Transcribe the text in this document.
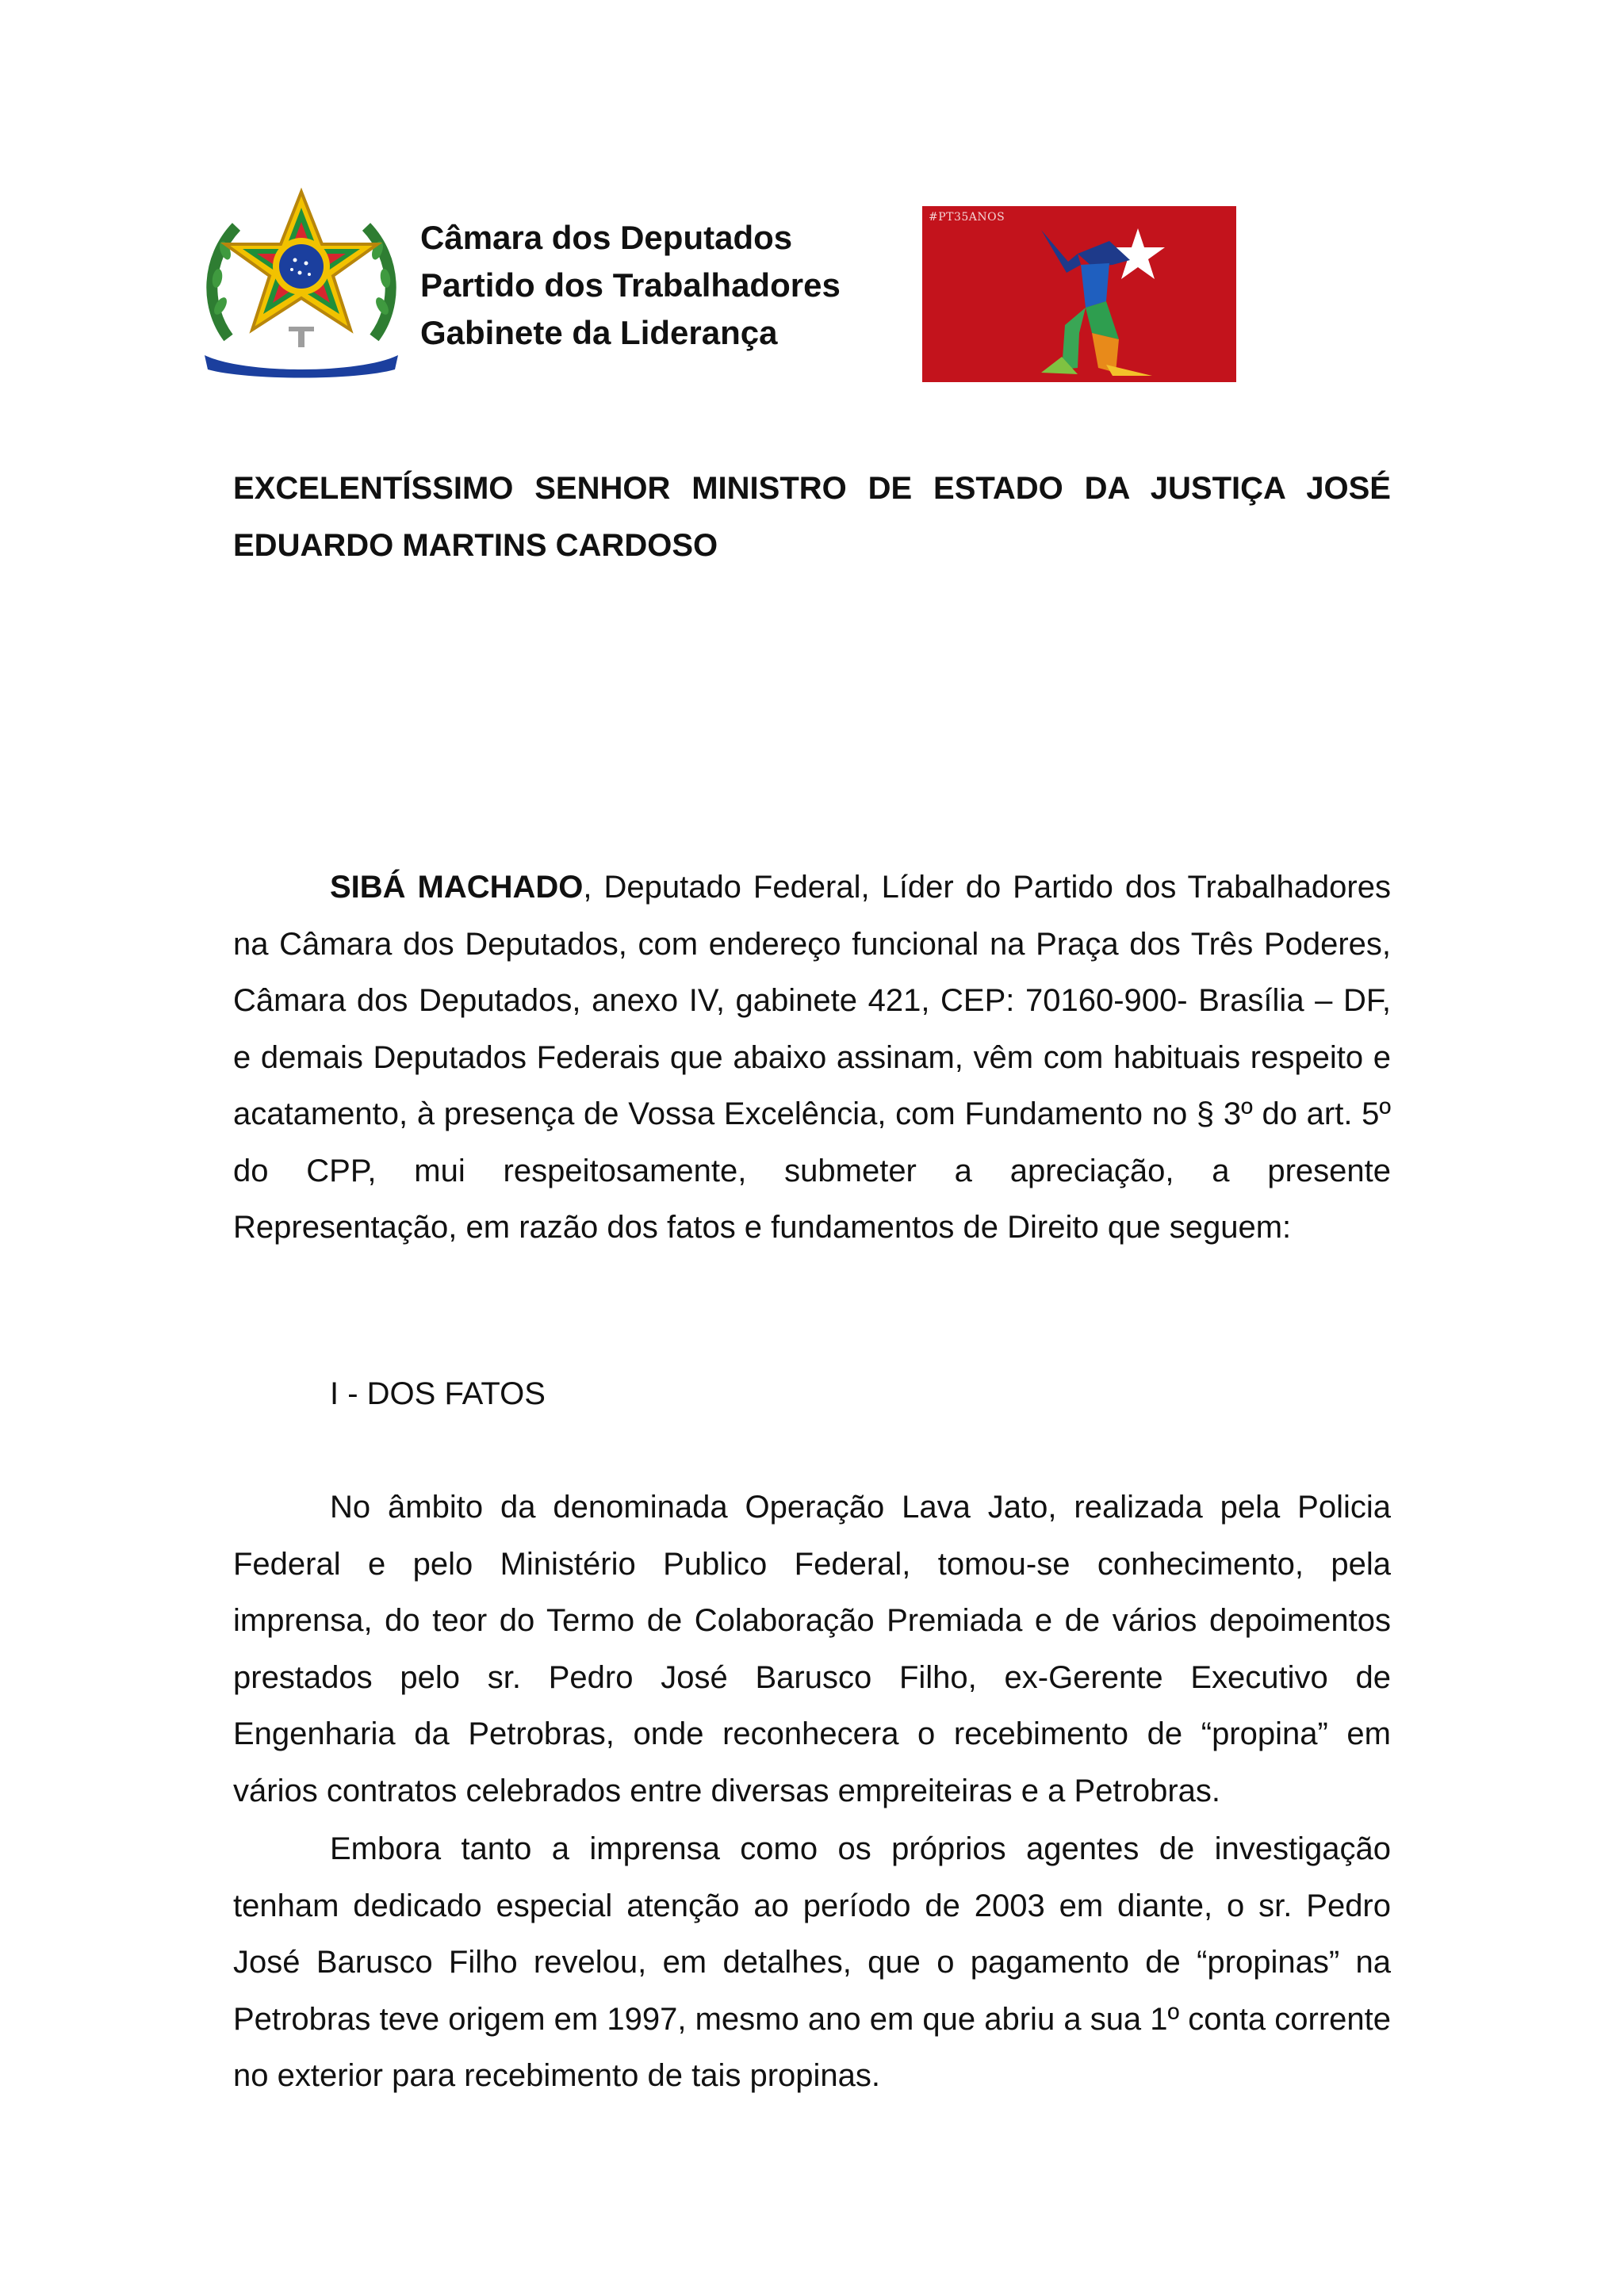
Câmara dos Deputados
Partido dos Trabalhadores
Gabinete da Liderança
#PT35ANOS
EXCELENTÍSSIMO SENHOR MINISTRO DE ESTADO DA JUSTIÇA JOSÉ EDUARDO MARTINS CARDOSO
SIBÁ MACHADO, Deputado Federal, Líder do Partido dos Trabalhadores na Câmara dos Deputados, com endereço funcional na Praça dos Três Poderes, Câmara dos Deputados, anexo IV, gabinete 421, CEP: 70160-900- Brasília – DF, e demais Deputados Federais que abaixo assinam, vêm com habituais respeito e acatamento, à presença de Vossa Excelência, com Fundamento no § 3º do art. 5º do CPP, mui respeitosamente, submeter a apreciação, a presente Representação, em razão dos fatos e fundamentos de Direito que seguem:
I - DOS FATOS
No âmbito da denominada Operação Lava Jato, realizada pela Policia Federal e pelo Ministério Publico Federal, tomou-se conhecimento, pela imprensa, do teor do Termo de Colaboração Premiada e de vários depoimentos prestados pelo sr. Pedro José Barusco Filho, ex-Gerente Executivo de Engenharia da Petrobras, onde reconhecera o recebimento de “propina” em vários contratos celebrados entre diversas empreiteiras e a Petrobras.
Embora tanto a imprensa como os próprios agentes de investigação tenham dedicado especial atenção ao período de 2003 em diante, o sr. Pedro José Barusco Filho revelou, em detalhes, que o pagamento de “propinas” na Petrobras teve origem em 1997, mesmo ano em que abriu a sua 1º conta corrente no exterior para recebimento de tais propinas.
